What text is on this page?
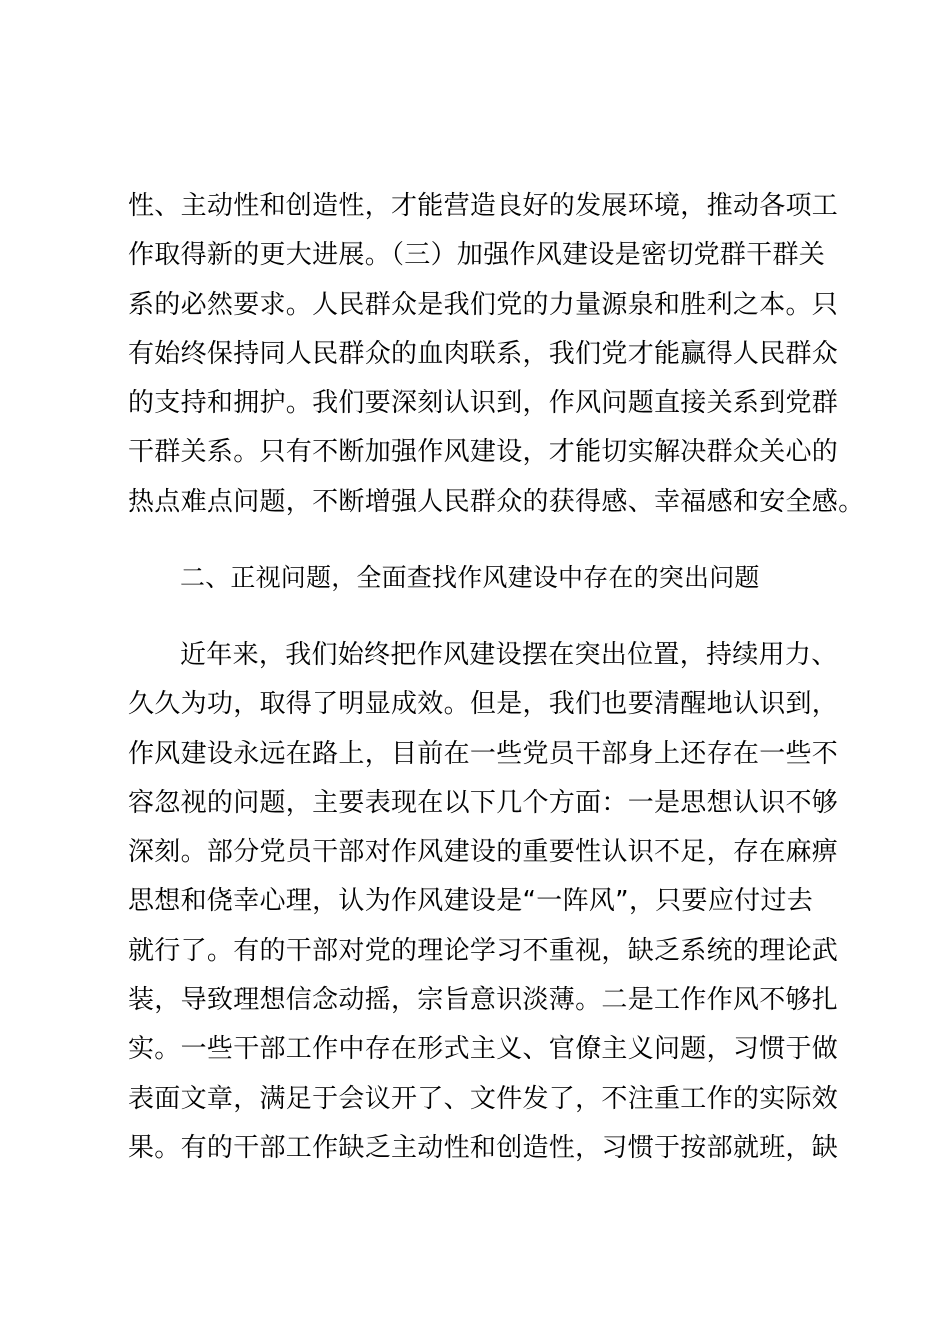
性、主动性和创造性，才能营造良好的发展环境，推动各项工
作取得新的更大进展。（三）加强作风建设是密切党群干群关
系的必然要求。人民群众是我们党的力量源泉和胜利之本。只
有始终保持同人民群众的血肉联系，我们党才能赢得人民群众
的支持和拥护。我们要深刻认识到，作风问题直接关系到党群
干群关系。只有不断加强作风建设，才能切实解决群众关心的
热点难点问题，不断增强人民群众的获得感、幸福感和安全感。
二、正视问题，全面查找作风建设中存在的突出问题
近年来，我们始终把作风建设摆在突出位置，持续用力、
久久为功，取得了明显成效。但是，我们也要清醒地认识到，
作风建设永远在路上，目前在一些党员干部身上还存在一些不
容忽视的问题，主要表现在以下几个方面：一是思想认识不够
深刻。部分党员干部对作风建设的重要性认识不足，存在麻痹
思想和侥幸心理，认为作风建设是“一阵风”，只要应付过去
就行了。有的干部对党的理论学习不重视，缺乏系统的理论武
装，导致理想信念动摇，宗旨意识淡薄。二是工作作风不够扎
实。一些干部工作中存在形式主义、官僚主义问题，习惯于做
表面文章，满足于会议开了、文件发了，不注重工作的实际效
果。有的干部工作缺乏主动性和创造性，习惯于按部就班，缺
